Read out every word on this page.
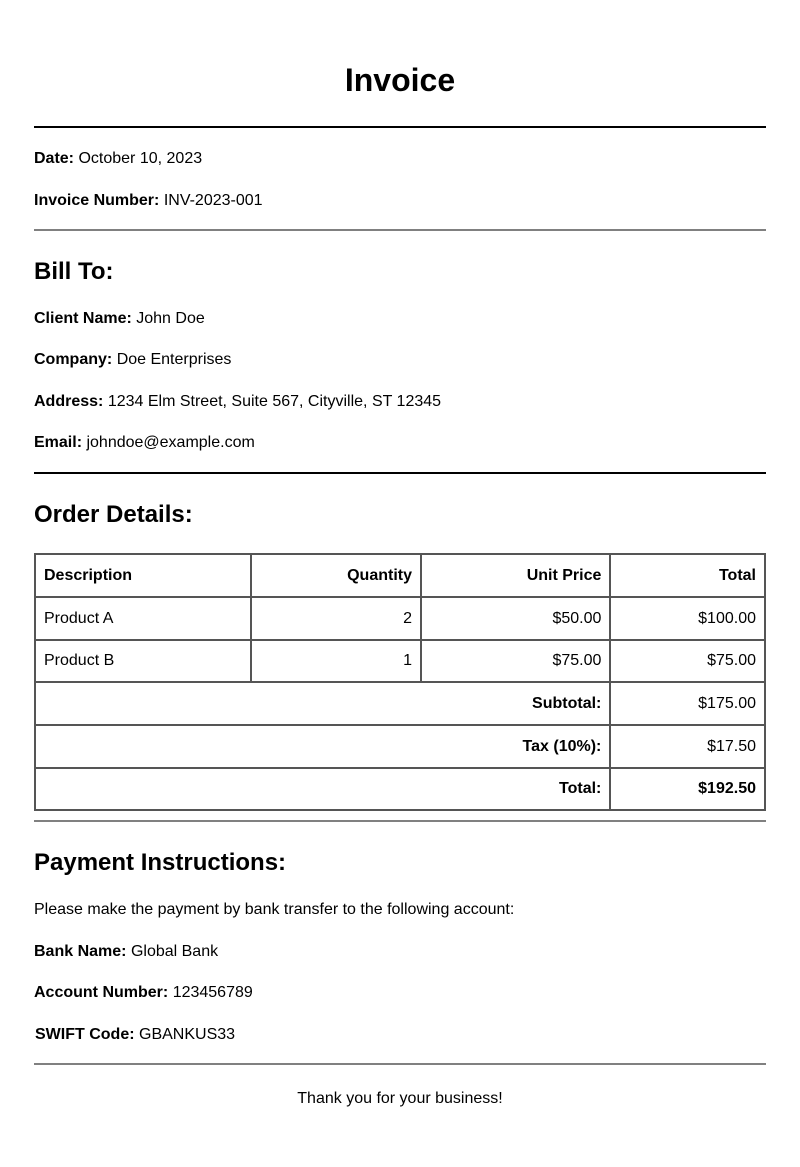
Invoice

Date: October 10, 2023

Invoice Number: INV-2023-001

Bill To:

Client Name: John Doe

Company: Doe Enterprises

Address: 1234 Elm Street, Suite 567, Cityville, ST 12345

Email: johndoe@example.com

Order Details:
Description	Quantity	Unit Price	Total
Product A	2	$50.00	$100.00
Product B	1	$75.00	$75.00
Subtotal:			$175.00
Tax (10%):			$17.50
Total:			$192.50
Payment Instructions:

Please make the payment by bank transfer to the following account:

Bank Name: Global Bank

Account Number: 123456789

SWIFT Code: GBANKUS33

Thank you for your business!
